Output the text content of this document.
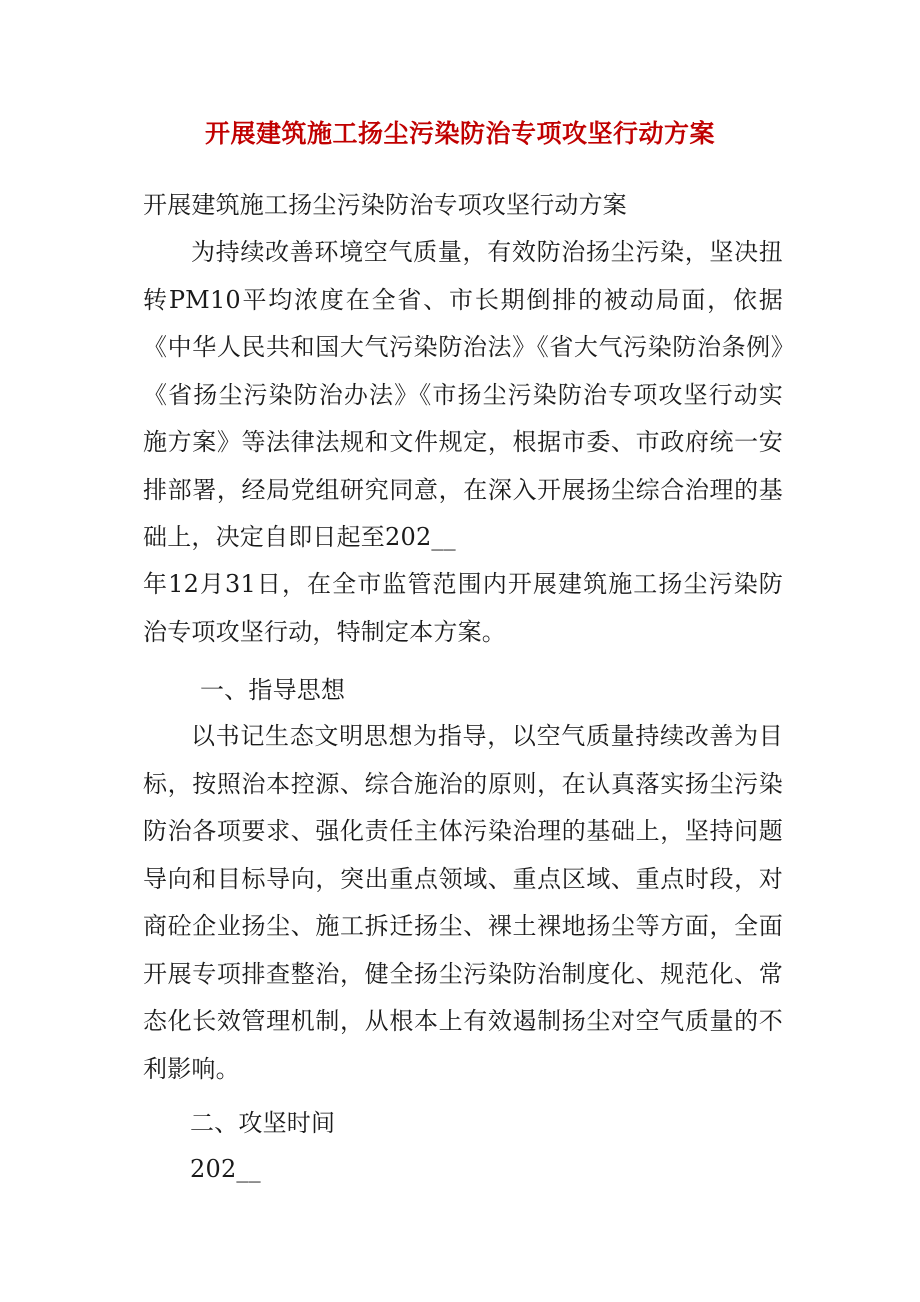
开展建筑施工扬尘污染防治专项攻坚行动方案
开展建筑施工扬尘污染防治专项攻坚行动方案
为持续改善环境空气质量，有效防治扬尘污染，坚决扭转PM10平均浓度在全省、市长期倒排的被动局面，依据《中华人民共和国大气污染防治法》《省大气污染防治条例》《省扬尘污染防治办法》《市扬尘污染防治专项攻坚行动实施方案》等法律法规和文件规定，根据市委、市政府统一安排部署，经局党组研究同意，在深入开展扬尘综合治理的基础上，决定自即日起至202__
年12月31日，在全市监管范围内开展建筑施工扬尘污染防治专项攻坚行动，特制定本方案。
一、指导思想
以书记生态文明思想为指导，以空气质量持续改善为目标，按照治本控源、综合施治的原则，在认真落实扬尘污染防治各项要求、强化责任主体污染治理的基础上，坚持问题导向和目标导向，突出重点领域、重点区域、重点时段，对商砼企业扬尘、施工拆迁扬尘、裸土裸地扬尘等方面，全面开展专项排查整治，健全扬尘污染防治制度化、规范化、常态化长效管理机制，从根本上有效遏制扬尘对空气质量的不利影响。
二、攻坚时间
202__
